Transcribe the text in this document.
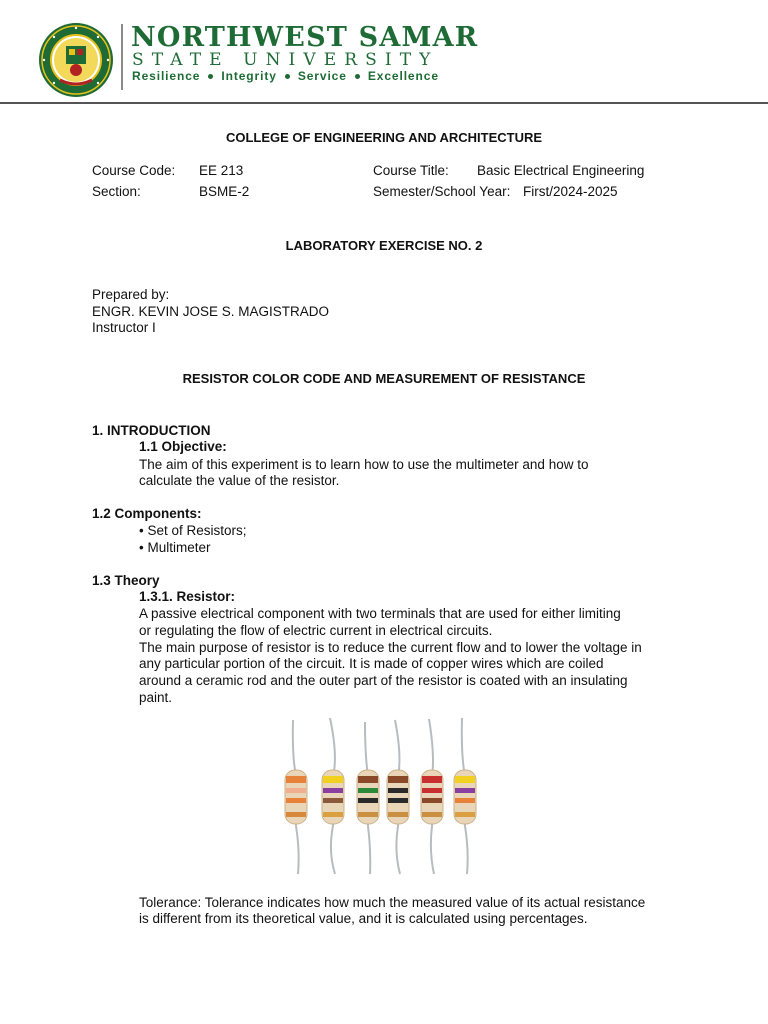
NORTHWEST SAMAR
STATE UNIVERSITY
Resilience Integrity Service Excellence
COLLEGE OF ENGINEERING AND ARCHITECTURE
Course Code: EE 213	Course Title: Basic Electrical Engineering
Section:	BSME-2	Semester/School Year: First/2024-2025
LABORATORY EXERCISE NO. 2
Prepared by:
ENGR. KEVIN JOSE S. MAGISTRADO
Instructor I
RESISTOR COLOR CODE AND MEASUREMENT OF RESISTANCE
1. INTRODUCTION
1.1 Objective:
The aim of this experiment is to learn how to use the multimeter and how to
calculate the value of the resistor.
1.2 Components:
• Set of Resistors;
• Multimeter
1.3 Theory
1.3.1. Resistor:
A passive electrical component with two terminals that are used for either limiting
or regulating the flow of electric current in electrical circuits.
The main purpose of resistor is to reduce the current flow and to lower the voltage in
any particular portion of the circuit. It is made of copper wires which are coiled
around a ceramic rod and the outer part of the resistor is coated with an insulating
paint.
Tolerance: Tolerance indicates how much the measured value of its actual resistance
is different from its theoretical value, and it is calculated using percentages.
